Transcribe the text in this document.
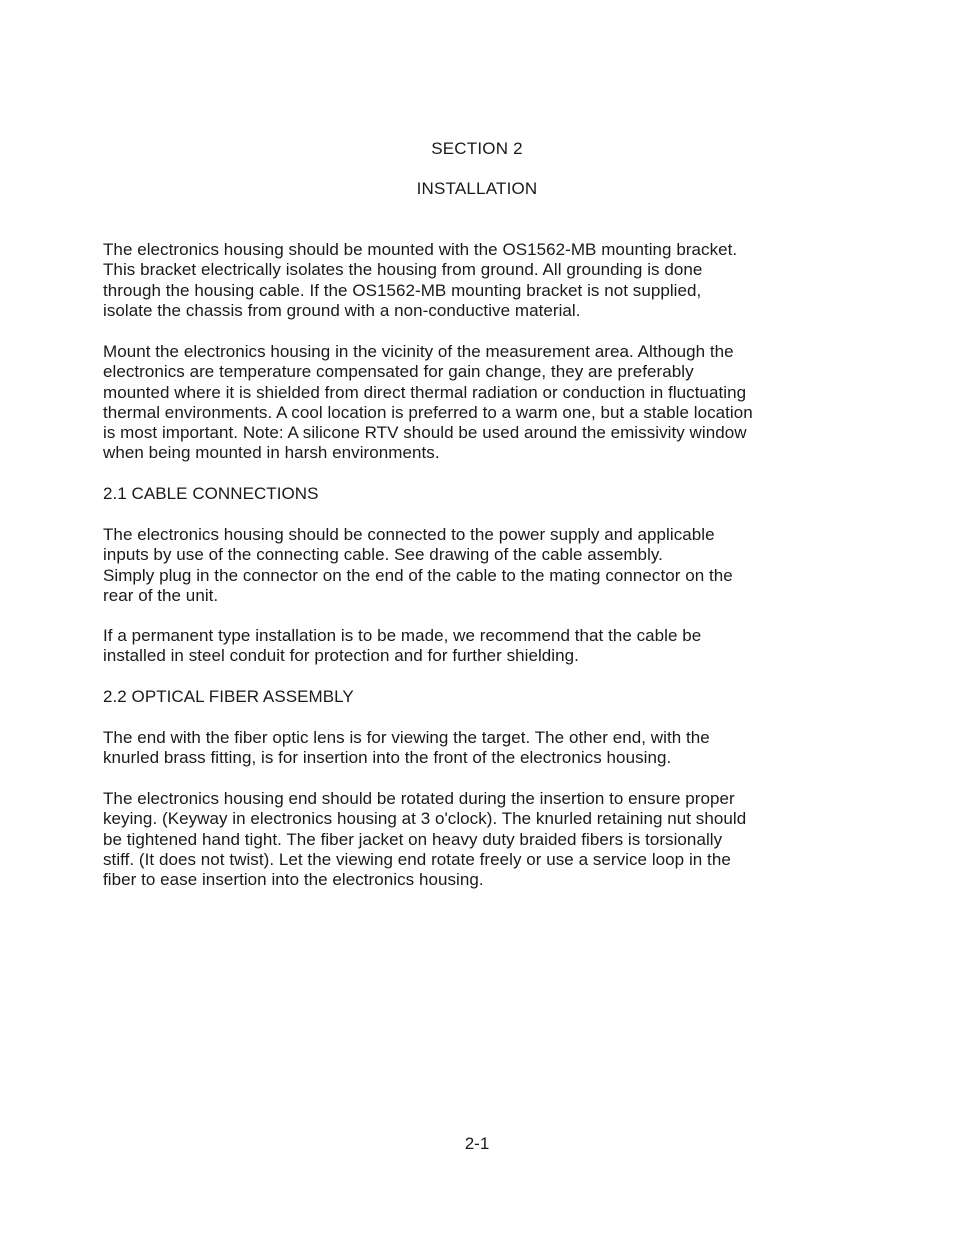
SECTION 2
INSTALLATION
The electronics housing should be mounted with the OS1562-MB mounting bracket.
This bracket electrically isolates the housing from ground. All grounding is done
through the housing cable. If the OS1562-MB mounting bracket is not supplied,
isolate the chassis from ground with a non-conductive material.
Mount the electronics housing in the vicinity of the measurement area. Although the
electronics are temperature compensated for gain change, they are preferably
mounted where it is shielded from direct thermal radiation or conduction in fluctuating
thermal environments. A cool location is preferred to a warm one, but a stable location
is most important. Note: A silicone RTV should be used around the emissivity window
when being mounted in harsh environments.
2.1 CABLE CONNECTIONS
The electronics housing should be connected to the power supply and applicable
inputs by use of the connecting cable. See drawing of the cable assembly.
Simply plug in the connector on the end of the cable to the mating connector on the
rear of the unit.
If a permanent type installation is to be made, we recommend that the cable be
installed in steel conduit for protection and for further shielding.
2.2 OPTICAL FIBER ASSEMBLY
The end with the fiber optic lens is for viewing the target. The other end, with the
knurled brass fitting, is for insertion into the front of the electronics housing.
The electronics housing end should be rotated during the insertion to ensure proper
keying. (Keyway in electronics housing at 3 o'clock). The knurled retaining nut should
be tightened hand tight. The fiber jacket on heavy duty braided fibers is torsionally
stiff. (It does not twist). Let the viewing end rotate freely or use a service loop in the
fiber to ease insertion into the electronics housing.
2-1
